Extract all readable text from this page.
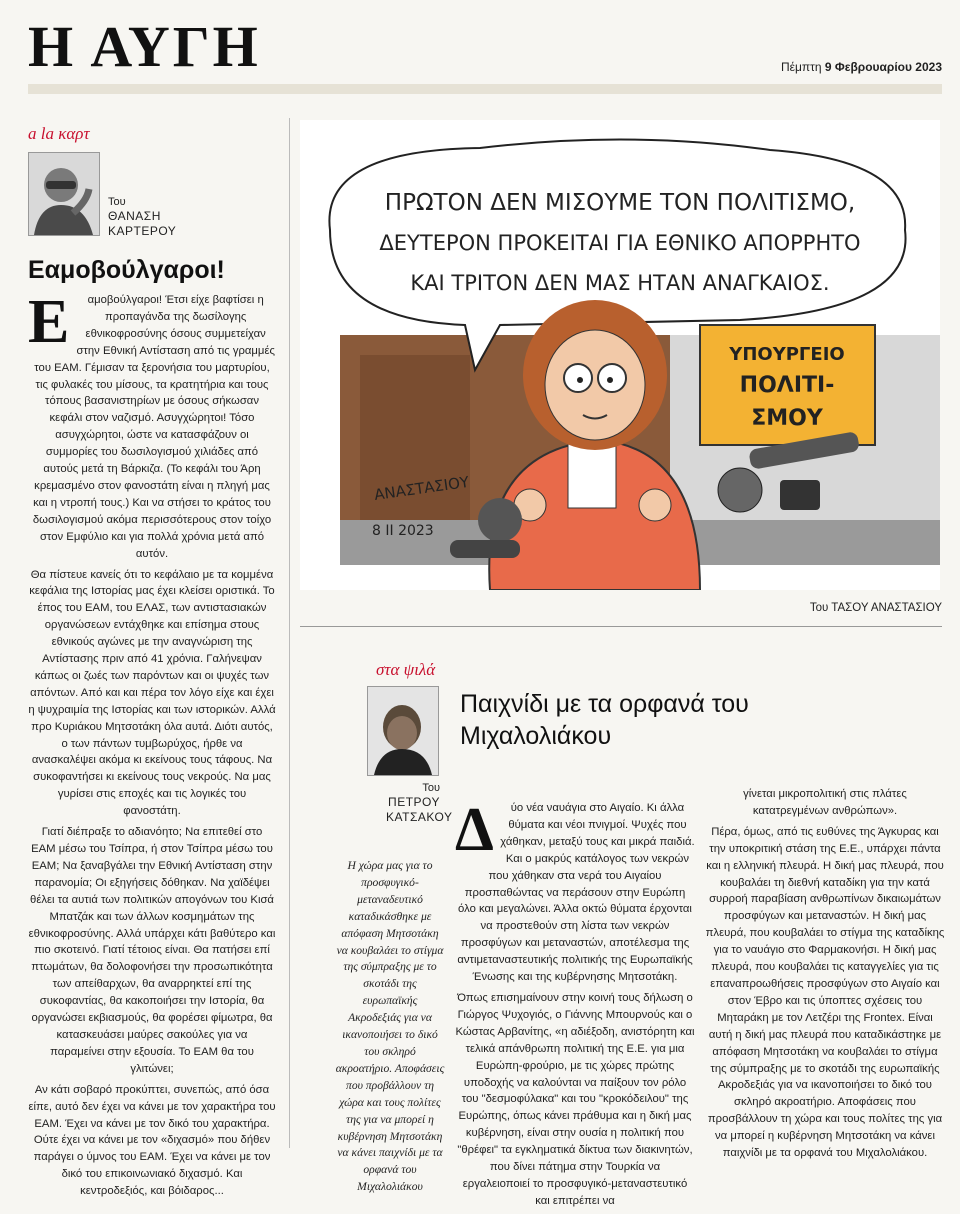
Η ΑΥΓΗ	Πέμπτη 9 Φεβρουαρίου 2023
a la καρτ
Του
ΘΑΝΑΣΗ
ΚΑΡΤΕΡΟΥ
Εαμοβούλγαροι!

Ε αμοβούλγαροι! Έτσι είχε βαφτίσει η προπαγάνδα της δωσίλογης εθνικοφροσύνης όσους συμμετείχαν στην Εθνική Αντίσταση από τις γραμμές του ΕΑΜ. Γέμισαν τα ξερονήσια του μαρτυρίου, τις φυλακές του μίσους, τα κρατητήρια και τους τόπους βασανιστηρίων με όσους σήκωσαν κεφάλι στον ναζισμό. Ασυγχώρητοι! Τόσο ασυγχώρητοι, ώστε να κατασφάζουν οι συμμορίες του δωσιλογισμού χιλιάδες από αυτούς μετά τη Βάρκιζα. (Το κεφάλι του Άρη κρεμασμένο στον φανοστάτη είναι η πληγή μας και η ντροπή τους.) Και να στήσει το κράτος του δωσιλογισμού ακόμα περισσότερους στον τοίχο στον Εμφύλιο και για πολλά χρόνια μετά από αυτόν.

Θα πίστευε κανείς ότι το κεφάλαιο με τα κομμένα κεφάλια της Ιστορίας μας έχει κλείσει οριστικά. Το έπος του ΕΑΜ, του ΕΛΑΣ, των αντιστασιακών οργανώσεων εντάχθηκε και επίσημα στους εθνικούς αγώνες με την αναγνώριση της Αντίστασης πριν από 41 χρόνια. Γαλήνεψαν κάπως οι ζωές των παρόντων και οι ψυχές των απόντων. Από και και πέρα τον λόγο είχε και έχει η ψυχραιμία της Ιστορίας και των ιστορικών. Αλλά προ Κυριάκου Μητσοτάκη όλα αυτά. Διότι αυτός, ο των πάντων τυμβωρύχος, ήρθε να ανασκαλέψει ακόμα κι εκείνους τους τάφους. Να συκοφαντήσει κι εκείνους τους νεκρούς. Να μας γυρίσει στις εποχές και τις λογικές του φανοστάτη.

Γιατί διέπραξε το αδιανόητο; Να επιτεθεί στο ΕΑΜ μέσω του Τσίπρα, ή στον Τσίπρα μέσω του ΕΑΜ; Να ξαναβγάλει την Εθνική Αντίσταση στην παρανομία; Οι εξηγήσεις δόθηκαν. Να χαϊδέψει θέλει τα αυτιά των πολιτικών απογόνων του Κισά Μπατζάκ και των άλλων κοσμημάτων της εθνικοφροσύνης. Αλλά υπάρχει κάτι βαθύτερο και πιο σκοτεινό. Γιατί τέτοιος είναι. Θα πατήσει επί πτωμάτων, θα δολοφονήσει την προσωπικότητα των απείθαρχων, θα αναρρηκτεί επί της συκοφαντίας, θα κακοποιήσει την Ιστορία, θα οργανώσει εκβιασμούς, θα φορέσει φίμωτρα, θα κατασκευάσει μαύρες σακούλες για να παραμείνει στην εξουσία. Το ΕΑΜ θα του γλιτώνει;

Αν κάτι σοβαρό προκύπτει, συνεπώς, από όσα είπε, αυτό δεν έχει να κάνει με τον χαρακτήρα του ΕΑΜ. Έχει να κάνει με τον δικό του χαρακτήρα. Ούτε έχει να κάνει με τον «διχασμό» που δήθεν παράγει ο ύμνος του ΕΑΜ. Έχει να κάνει με τον δικό του επικοινωνιακό διχασμό. Και κεντροδεξιός, και βόιδαρος...

ΥΠΟΥΡΓΕΙΟ
ΠΟΛΙΤΙ-
ΣΜΟΥ
ΠΡΩΤΟΝ ΔΕΝ ΜΙΣΟΥΜΕ ΤΟΝ ΠΟΛΙΤΙΣΜΟ,
ΔΕΥΤΕΡΟΝ ΠΡΟΚΕΙΤΑΙ ΓΙΑ ΕΘΝΙΚΟ ΑΠΟΡΡΗΤΟ
ΚΑΙ ΤΡΙΤΟΝ ΔΕΝ ΜΑΣ ΗΤΑΝ ΑΝΑΓΚΑΙΟΣ.
ΑΝΑΣΤΑΣΙΟΥ
8 ΙΙ 2023
Του ΤΑΣΟΥ ΑΝΑΣΤΑΣΙΟΥ
στα ψιλά
Του
ΠΕΤΡΟΥ
ΚΑΤΣΑΚΟΥ
Παιχνίδι με τα ορφανά του
Μιχαλολιάκου
Η χώρα μας για το προσφυγικό-μεταναδευτικό καταδικάσθηκε με απόφαση Μητσοτάκη να κουβαλάει το στίγμα της σύμπραξης με το σκοτάδι της ευρωπαϊκής Ακροδεξιάς για να ικανοποιήσει το δικό του σκληρό ακροατήριο. Αποφάσεις που προβάλλουν τη χώρα και τους πολίτες της για να μπορεί η κυβέρνηση Μητσοτάκη να κάνει παιχνίδι με τα ορφανά του Μιχαλολιάκου

Δ ύο νέα ναυάγια στο Αιγαίο. Κι άλλα θύματα και νέοι πνιγμοί. Ψυχές που χάθηκαν, μεταξύ τους και μικρά παιδιά. Και ο μακρύς κατάλογος των νεκρών που χάθηκαν στα νερά του Αιγαίου προσπαθώντας να περάσουν στην Ευρώπη όλο και μεγαλώνει. Άλλα οκτώ θύματα έρχονται να προστεθούν στη λίστα των νεκρών προσφύγων και μεταναστών, αποτέλεσμα της αντιμεταναστευτικής πολιτικής της Ευρωπαϊκής Ένωσης και της κυβέρνησης Μητσοτάκη.

Όπως επισημαίνουν στην κοινή τους δήλωση ο Γιώργος Ψυχογιός, ο Γιάννης Μπουρνούς και ο Κώστας Αρβανίτης, «η αδιέξοδη, ανιστόρητη και τελικά απάνθρωπη πολιτική της Ε.Ε. για μια Ευρώπη-φρούριο, με τις χώρες πρώτης υποδοχής να καλούνται να παίξουν τον ρόλο του "δεσμοφύλακα" και του "κροκόδειλου" της Ευρώπης, όπως κάνει πράθυμα και η δική μας κυβέρνηση, είναι στην ουσία η πολιτική που "θρέφει" τα εγκληματικά δίκτυα των διακινητών, που δίνει πάτημα στην Τουρκία να εργαλειοποιεί το προσφυγικό-μεταναστευτικό και επιτρέπει να

γίνεται μικροπολιτική στις πλάτες κατατρεγμένων ανθρώπων».

Πέρα, όμως, από τις ευθύνες της Άγκυρας και την υποκριτική στάση της Ε.Ε., υπάρχει πάντα και η ελληνική πλευρά. Η δική μας πλευρά, που κουβαλάει τη διεθνή καταδίκη για την κατά συρροή παραβίαση ανθρωπίνων δικαιωμάτων προσφύγων και μεταναστών. Η δική μας πλευρά, που κουβαλάει το στίγμα της καταδίκης για το ναυάγιο στο Φαρμακονήσι. Η δική μας πλευρά, που κουβαλάει τις καταγγελίες για τις επαναπροωθήσεις προσφύγων στο Αιγαίο και στον Έβρο και τις ύποπτες σχέσεις του Μηταράκη με τον Λετζέρι της Frontex. Είναι αυτή η δική μας πλευρά που καταδικάστηκε με απόφαση Μητσοτάκη να κουβαλάει το στίγμα της σύμπραξης με το σκοτάδι της ευρωπαϊκής Ακροδεξιάς για να ικανοποιήσει το δικό του σκληρό ακροατήριο. Αποφάσεις που προσβάλλουν τη χώρα και τους πολίτες της για να μπορεί η κυβέρνηση Μητσοτάκη να κάνει παιχνίδι με τα ορφανά του Μιχαλολιάκου.
